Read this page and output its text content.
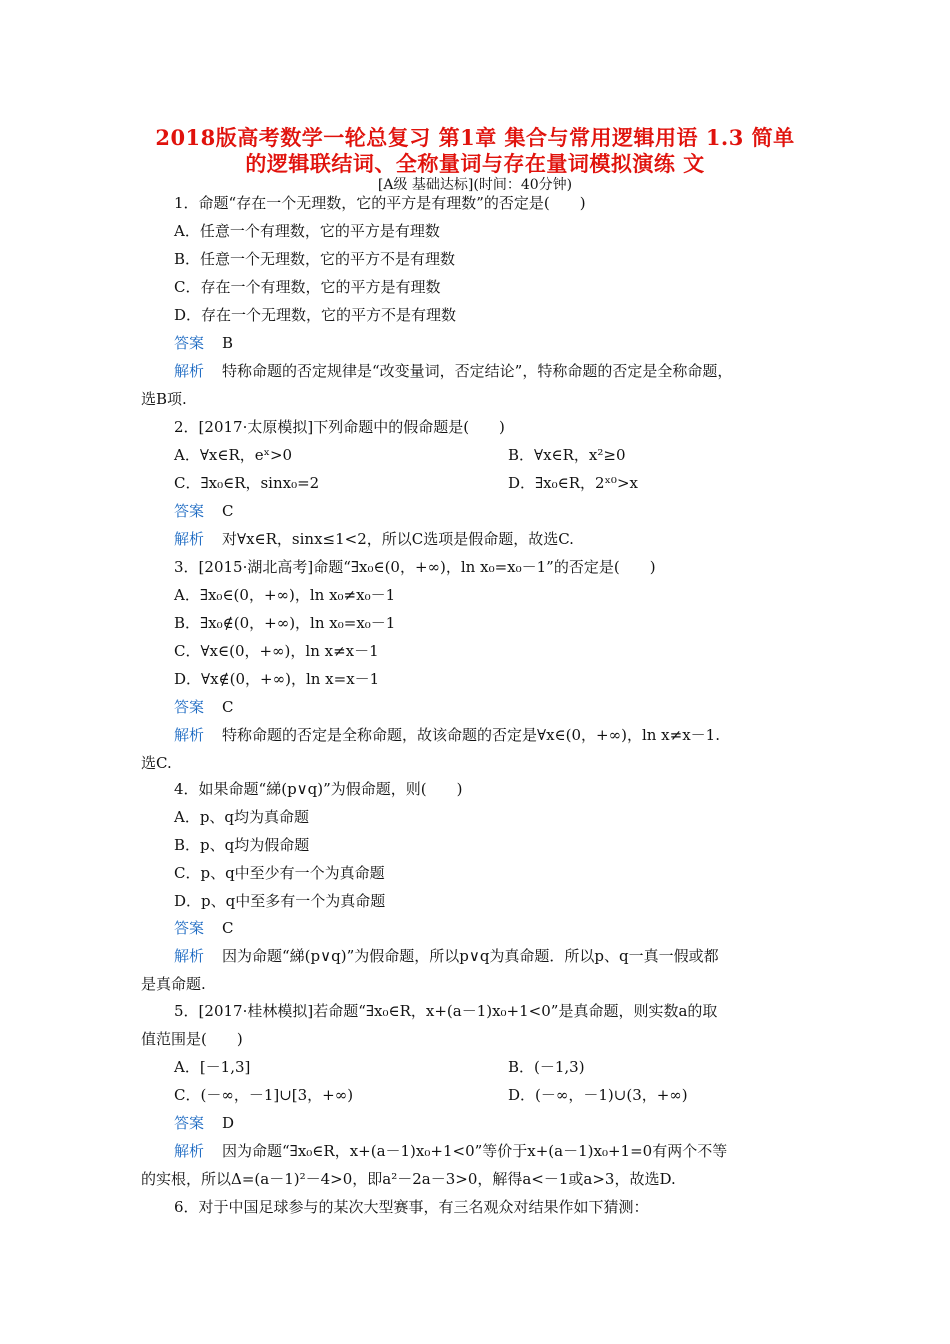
2018版高考数学一轮总复习 第1章 集合与常用逻辑用语 1.3 简单
的逻辑联结词、全称量词与存在量词模拟演练 文
[A级 基础达标](时间：40分钟)
1．命题“存在一个无理数，它的平方是有理数”的否定是(　　)
A．任意一个有理数，它的平方是有理数
B．任意一个无理数，它的平方不是有理数
C．存在一个有理数，它的平方是有理数
D．存在一个无理数，它的平方不是有理数
答案 B
解析 特称命题的否定规律是“改变量词，否定结论”，特称命题的否定是全称命题，
选B项.
2．[2017·太原模拟]下列命题中的假命题是(　　)
A．∀x∈R，eˣ>0	B．∀x∈R，x²≥0
C．∃x₀∈R，sinx₀=2	D．∃x₀∈R，2ˣ⁰>x
答案 C
解析 对∀x∈R，sinx≤1<2，所以C选项是假命题，故选C.
3．[2015·湖北高考]命题“∃x₀∈(0，+∞)，ln x₀=x₀－1”的否定是(　　)
A．∃x₀∈(0，+∞)，ln x₀≠x₀－1
B．∃x₀∉(0，+∞)，ln x₀=x₀－1
C．∀x∈(0，+∞)，ln x≠x－1
D．∀x∉(0，+∞)，ln x=x－1
答案 C
解析 特称命题的否定是全称命题，故该命题的否定是∀x∈(0，+∞)，ln x≠x－1.
选C.
4．如果命题“綈(p∨q)”为假命题，则(　　)
A．p、q均为真命题
B．p、q均为假命题
C．p、q中至少有一个为真命题
D．p、q中至多有一个为真命题
答案 C
解析 因为命题“綈(p∨q)”为假命题，所以p∨q为真命题．所以p、q一真一假或都
是真命题.
5．[2017·桂林模拟]若命题“∃x₀∈R，x+(a－1)x₀+1<0”是真命题，则实数a的取
值范围是(　　)
A．[－1,3]	B．(－1,3)
C．(－∞，－1]∪[3，+∞)	D．(－∞，－1)∪(3，+∞)
答案 D
解析 因为命题“∃x₀∈R，x+(a－1)x₀+1<0”等价于x+(a－1)x₀+1=0有两个不等
的实根，所以Δ=(a－1)²－4>0，即a²－2a－3>0，解得a<－1或a>3，故选D.
6．对于中国足球参与的某次大型赛事，有三名观众对结果作如下猜测：
